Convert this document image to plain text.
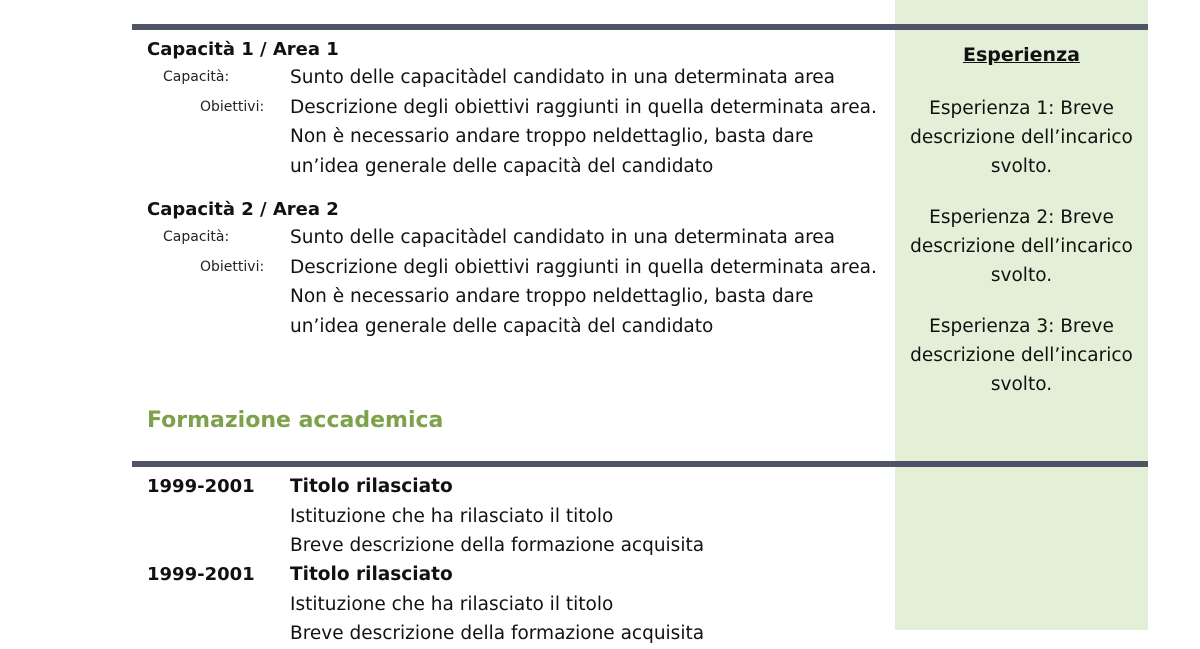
Capacità 1 / Area 1
Capacità:	Sunto delle capacitàdel candidato in una determinata area
Obiettivi:	Descrizione degli obiettivi raggiunti in quella determinata area. Non è necessario andare troppo neldettaglio, basta dare un’idea generale delle capacità del candidato
Capacità 2 / Area 2
Capacità:	Sunto delle capacitàdel candidato in una determinata area
Obiettivi:	Descrizione degli obiettivi raggiunti in quella determinata area. Non è necessario andare troppo neldettaglio, basta dare un’idea generale delle capacità del candidato
Formazione accademica
1999-2001 Titolo rilasciato
Istituzione che ha rilasciato il titolo
Breve descrizione della formazione acquisita
1999-2001 Titolo rilasciato
Istituzione che ha rilasciato il titolo
Breve descrizione della formazione acquisita
Esperienza
Esperienza 1: Breve descrizione dell’incarico svolto.
Esperienza 2: Breve descrizione dell’incarico svolto.
Esperienza 3: Breve descrizione dell’incarico svolto.
